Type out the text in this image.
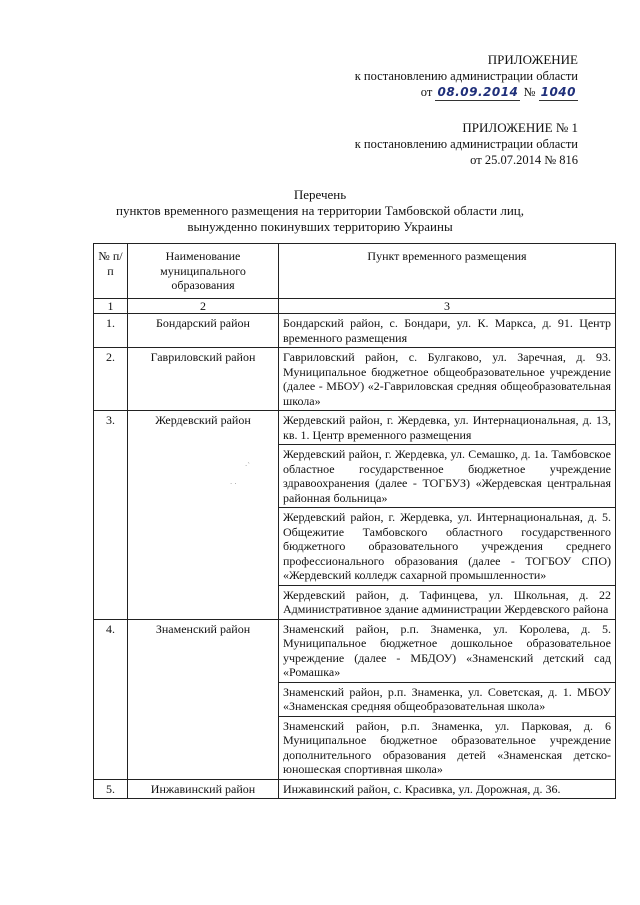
ПРИЛОЖЕНИЕ
к постановлению администрации области
от 08.09.2014 № 1040
ПРИЛОЖЕНИЕ № 1
к постановлению администрации области
от 25.07.2014 № 816
Перечень
пунктов временного размещения на территории Тамбовской области лиц,
вынужденно покинувших территорию Украины
·ˋ
· ·
№ п/п	Наименование муниципального образования	Пункт временного размещения
1	2	3
1.	Бондарский район	Бондарский район, с. Бондари, ул. К. Маркса, д. 91. Центр временного размещения
2.	Гавриловский район	Гавриловский район, с. Булгаково, ул. Заречная, д. 93. Муниципальное бюджетное общеобразовательное учреждение (далее - МБОУ) «2-Гавриловская средняя общеобразовательная школа»
3.	Жердевский район	Жердевский район, г. Жердевка, ул. Интернациональная, д. 13, кв. 1. Центр временного размещения
		Жердевский район, г. Жердевка, ул. Семашко, д. 1а. Тамбовское областное государственное бюджетное учреждение здравоохранения (далее - ТОГБУЗ) «Жердевская центральная районная больница»
		Жердевский район, г. Жердевка, ул. Интернациональная, д. 5. Общежитие Тамбовского областного государственного бюджетного образовательного учреждения среднего профессионального образования (далее - ТОГБОУ СПО) «Жердевский колледж сахарной промышленности»
		Жердевский район, д. Тафинцева, ул. Школьная, д. 22 Административное здание администрации Жердевского района
4.	Знаменский район	Знаменский район, р.п. Знаменка, ул. Королева, д. 5. Муниципальное бюджетное дошкольное образовательное учреждение (далее - МБДОУ) «Знаменский детский сад «Ромашка»
		Знаменский район, р.п. Знаменка, ул. Советская, д. 1. МБОУ «Знаменская средняя общеобразовательная школа»
		Знаменский район, р.п. Знаменка, ул. Парковая, д. 6 Муниципальное бюджетное образовательное учреждение дополнительного образования детей «Знаменская детско-юношеская спортивная школа»
5.	Инжавинский район	Инжавинский район, с. Красивка, ул. Дорожная, д. 36.
